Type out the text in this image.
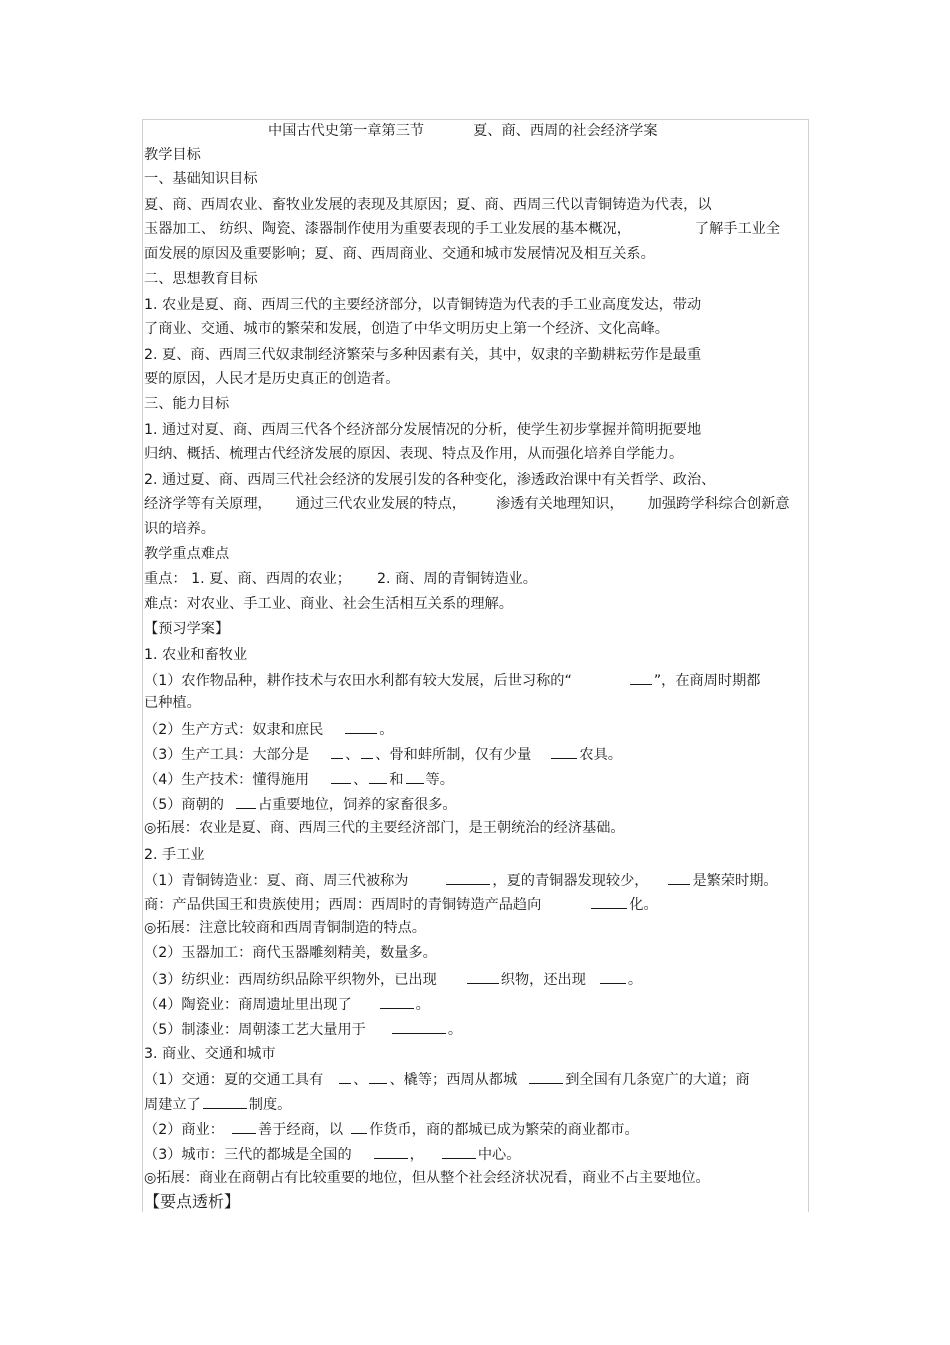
中国古代史第一章第三节	夏、商、西周的社会经济学案
教学目标
一、基础知识目标
夏、商、西周农业、畜牧业发展的表现及其原因；夏、商、西周三代以青铜铸造为代表，以
玉器加工、 纺织、陶瓷、漆器制作使用为重要表现的手工业发展的基本概况，	了解手工业全
面发展的原因及重要影响；夏、商、西周商业、交通和城市发展情况及相互关系。
二、思想教育目标
1. 农业是夏、商、西周三代的主要经济部分，以青铜铸造为代表的手工业高度发达，带动
了商业、交通、城市的繁荣和发展，创造了中华文明历史上第一个经济、文化高峰。
2. 夏、商、西周三代奴隶制经济繁荣与多种因素有关，其中，奴隶的辛勤耕耘劳作是最重
要的原因，人民才是历史真正的创造者。
三、能力目标
1. 通过对夏、商、西周三代各个经济部分发展情况的分析，使学生初步掌握并简明扼要地
归纳、概括、梳理古代经济发展的原因、表现、特点及作用，从而强化培养自学能力。
2. 通过夏、商、西周三代社会经济的发展引发的各种变化，渗透政治课中有关哲学、政治、
经济学等有关原理， 通过三代农业发展的特点， 渗透有关地理知识， 加强跨学科综合创新意
识的培养。
教学重点难点
重点： 1. 夏、商、西周的农业； 2. 商、周的青铜铸造业。
难点：对农业、手工业、商业、社会生活相互关系的理解。
【预习学案】
1. 农业和畜牧业
（1）农作物品种，耕作技术与农田水利都有较大发展，后世习称的“	”，在商周时期都
已种植。
（2）生产方式：奴隶和庶民	。
（3）生产工具：大部分是	、 、骨和蚌所制，仅有少量	农具。
（4）生产技术：懂得施用	、 和 等。
（5）商朝的 占重要地位，饲养的家畜很多。
◎拓展：农业是夏、商、西周三代的主要经济部门，是王朝统治的经济基础。
2. 手工业
（1）青铜铸造业：夏、商、周三代被称为	，夏的青铜器发现较少，	是繁荣时期。
商：产品供国王和贵族使用；西周：西周时的青铜铸造产品趋向	化。
◎拓展：注意比较商和西周青铜制造的特点。
（2）玉器加工：商代玉器雕刻精美，数量多。
（3）纺织业：西周纺织品除平织物外，已出现	织物，还出现	。
（4）陶瓷业：商周遗址里出现了	。
（5）制漆业：周朝漆工艺大量用于	。
3. 商业、交通和城市
（1）交通：夏的交通工具有 、 、橇等；西周从都城	到全国有几条宽广的大道；商
周建立了	制度。
（2）商业： 善于经商，以 作货币，商的都城已成为繁荣的商业都市。
（3）城市：三代的都城是全国的	，	中心。
◎拓展：商业在商朝占有比较重要的地位，但从整个社会经济状况看，商业不占主要地位。
【要点透析】
